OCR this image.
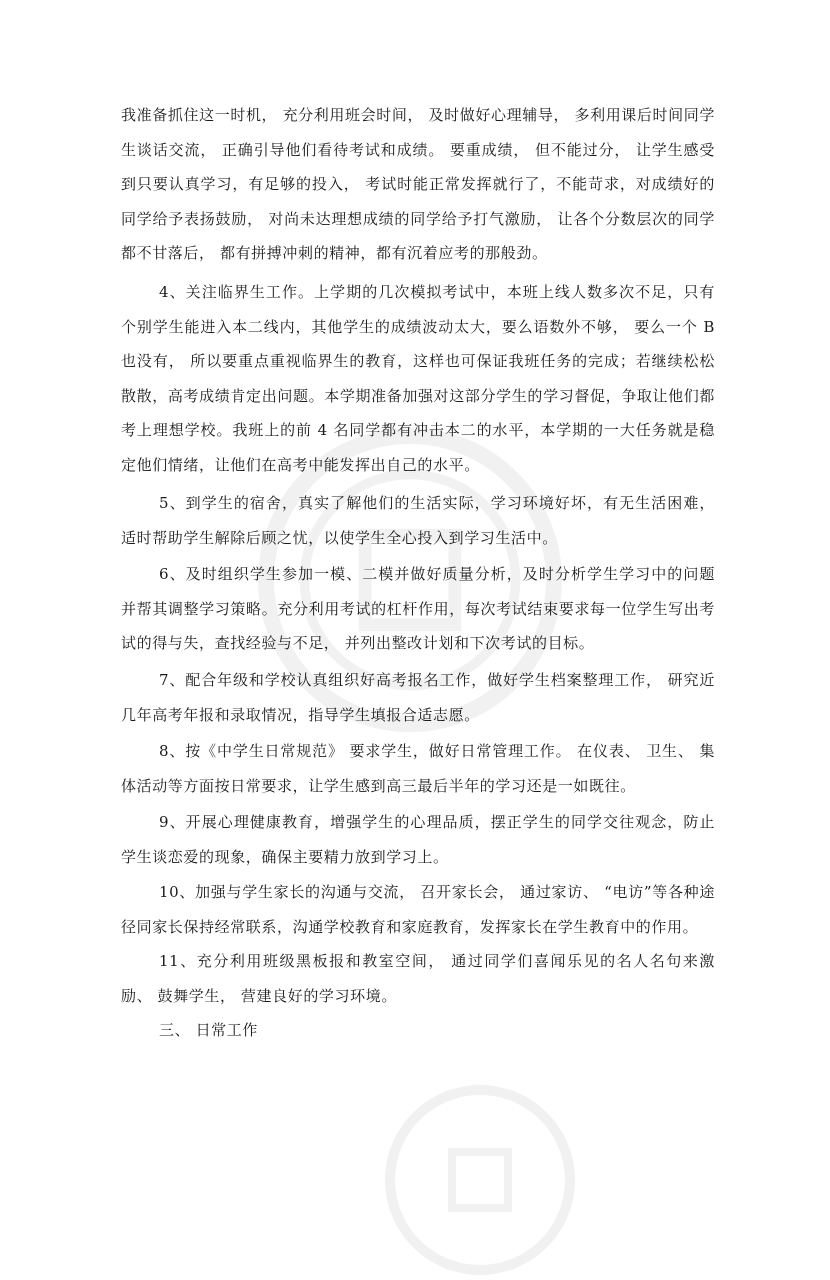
我准备抓住这一时机， 充分利用班会时间， 及时做好心理辅导， 多利用课后时间同学生谈话交流， 正确引导他们看待考试和成绩。 要重成绩， 但不能过分， 让学生感受到只要认真学习，有足够的投入， 考试时能正常发挥就行了，不能苛求，对成绩好的同学给予表扬鼓励， 对尚未达理想成绩的同学给予打气激励， 让各个分数层次的同学都不甘落后， 都有拼搏冲刺的精神，都有沉着应考的那般劲。

4、关注临界生工作。上学期的几次模拟考试中，本班上线人数多次不足，只有个别学生能进入本二线内，其他学生的成绩波动太大，要么语数外不够， 要么一个 B 也没有， 所以要重点重视临界生的教育，这样也可保证我班任务的完成；若继续松松散散，高考成绩肯定出问题。本学期准备加强对这部分学生的学习督促，争取让他们都考上理想学校。我班上的前 4 名同学都有冲击本二的水平，本学期的一大任务就是稳定他们情绪，让他们在高考中能发挥出自己的水平。

5、到学生的宿舍，真实了解他们的生活实际，学习环境好坏，有无生活困难，适时帮助学生解除后顾之忧，以使学生全心投入到学习生活中。

6、及时组织学生参加一模、二模并做好质量分析，及时分析学生学习中的问题并帮其调整学习策略。充分利用考试的杠杆作用，每次考试结束要求每一位学生写出考试的得与失，查找经验与不足， 并列出整改计划和下次考试的目标。

7、配合年级和学校认真组织好高考报名工作，做好学生档案整理工作， 研究近几年高考年报和录取情况，指导学生填报合适志愿。

8、按《中学生日常规范》 要求学生，做好日常管理工作。 在仪表、 卫生、 集体活动等方面按日常要求，让学生感到高三最后半年的学习还是一如既往。

9、开展心理健康教育，增强学生的心理品质，摆正学生的同学交往观念，防止学生谈恋爱的现象，确保主要精力放到学习上。

10、加强与学生家长的沟通与交流， 召开家长会， 通过家访、 “电访”等各种途径同家长保持经常联系，沟通学校教育和家庭教育，发挥家长在学生教育中的作用。

11、充分利用班级黑板报和教室空间， 通过同学们喜闻乐见的名人名句来激励、 鼓舞学生， 营建良好的学习环境。

三、 日常工作
